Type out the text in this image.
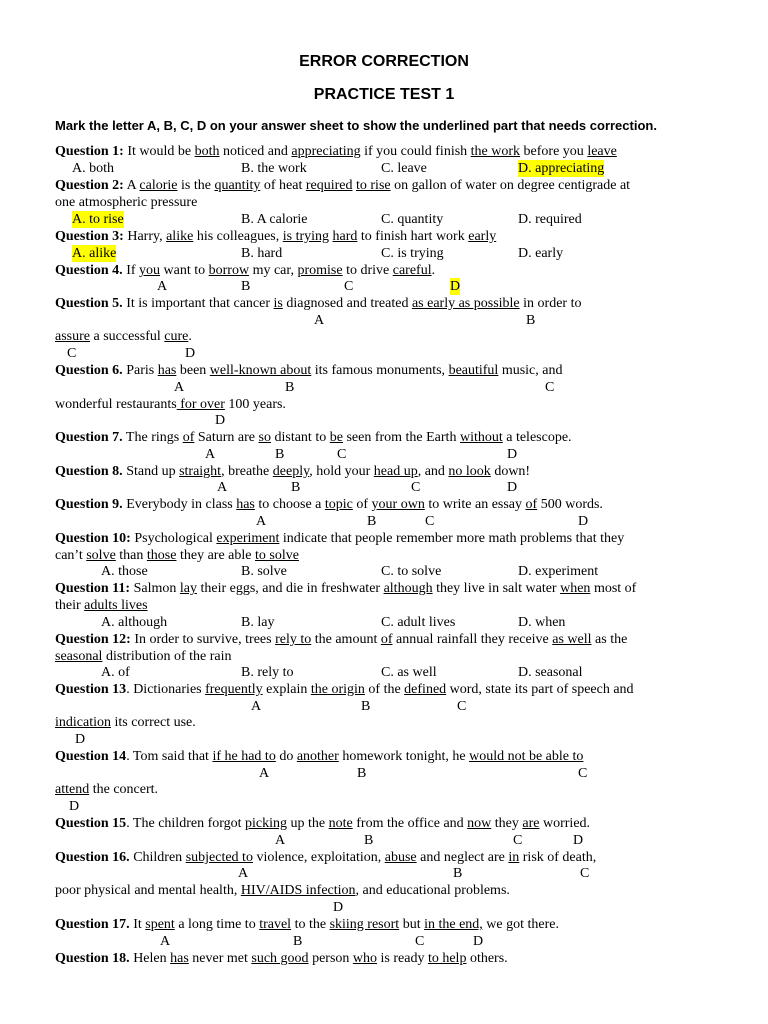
ERROR CORRECTION
PRACTICE TEST 1
Mark the letter A, B, C, D on your answer sheet to show the underlined part that needs correction.
Question 1: It would be both noticed and appreciating if you could finish the work before you leave
A. both	B. the work	C. leave	D. appreciating
Question 2: A calorie is the quantity of heat required to rise on gallon of water on degree centigrade at
one atmospheric pressure
A. to rise	B. A calorie	C. quantity	D. required
Question 3: Harry, alike his colleagues, is trying hard to finish hart work early
A. alike	B. hard	C. is trying	D. early
Question 4. If you want to borrow my car, promise to drive careful.
A	B	C	D
Question 5. It is important that cancer is diagnosed and treated as early as possible in order to
A	B
assure a successful cure.
C	D
Question 6. Paris has been well-known about its famous monuments, beautiful music, and
A	B	C
wonderful restaurants for over 100 years.
D
Question 7. The rings of Saturn are so distant to be seen from the Earth without a telescope.
A	B	C	D
Question 8. Stand up straight, breathe deeply, hold your head up, and no look down!
A	B	C	D
Question 9. Everybody in class has to choose a topic of your own to write an essay of 500 words.
A	B	C	D
Question 10: Psychological experiment indicate that people remember more math problems that they
can’t solve than those they are able to solve
A. those	B. solve	C. to solve	D. experiment
Question 11: Salmon lay their eggs, and die in freshwater although they live in salt water when most of
their adults lives
A. although	B. lay	C. adult lives	D. when
Question 12: In order to survive, trees rely to the amount of annual rainfall they receive as well as the
seasonal distribution of the rain
A. of	B. rely to	C. as well	D. seasonal
Question 13. Dictionaries frequently explain the origin of the defined word, state its part of speech and
A	B	C
indication its correct use.
D
Question 14. Tom said that if he had to do another homework tonight, he would not be able to
A	B	C
attend the concert.
D
Question 15. The children forgot picking up the note from the office and now they are worried.
A	B	C	D
Question 16. Children subjected to violence, exploitation, abuse and neglect are in risk of death,
A	B	C
poor physical and mental health, HIV/AIDS infection, and educational problems.
D
Question 17. It spent a long time to travel to the skiing resort but in the end, we got there.
A	B	C	D
Question 18. Helen has never met such good person who is ready to help others.
